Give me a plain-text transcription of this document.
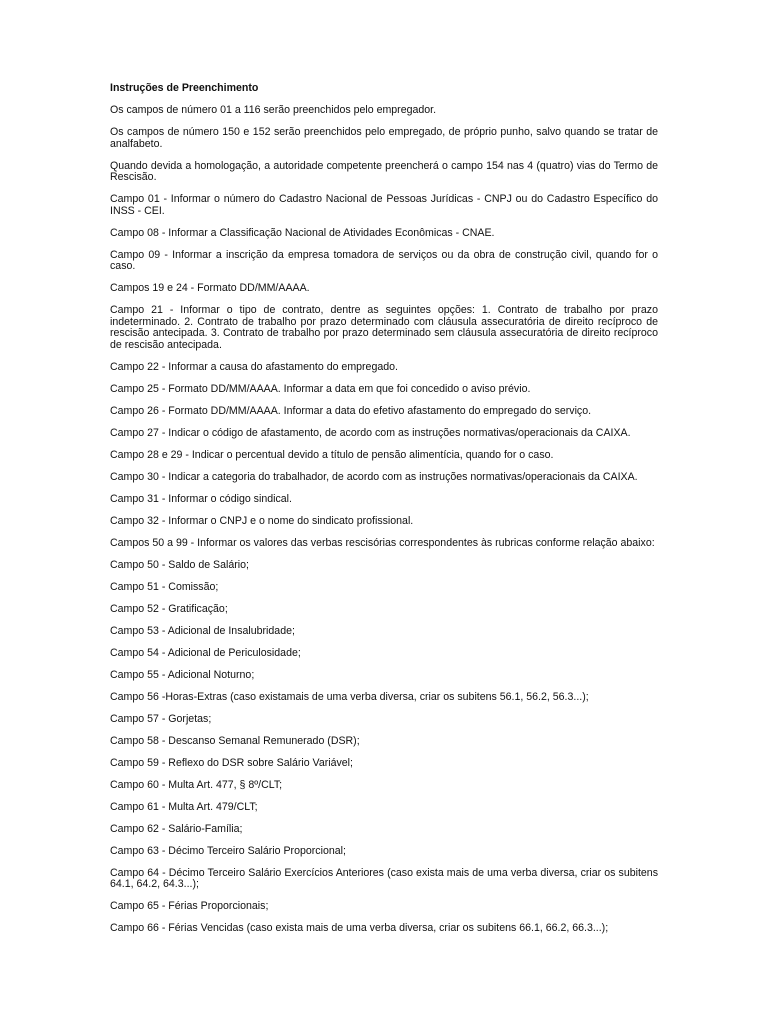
Instruções de Preenchimento
Os campos de número 01 a 116 serão preenchidos pelo empregador.
Os campos de número 150 e 152 serão preenchidos pelo empregado, de próprio punho, salvo quando se tratar de analfabeto.
Quando devida a homologação, a autoridade competente preencherá o campo 154 nas 4 (quatro) vias do Termo de Rescisão.
Campo 01 - Informar o número do Cadastro Nacional de Pessoas Jurídicas - CNPJ ou do Cadastro Específico do INSS - CEI.
Campo 08 - Informar a Classificação Nacional de Atividades Econômicas - CNAE.
Campo 09 - Informar a inscrição da empresa tomadora de serviços ou da obra de construção civil, quando for o caso.
Campos 19 e 24 - Formato DD/MM/AAAA.
Campo 21 - Informar o tipo de contrato, dentre as seguintes opções: 1. Contrato de trabalho por prazo indeterminado. 2. Contrato de trabalho por prazo determinado com cláusula assecuratória de direito recíproco de rescisão antecipada. 3. Contrato de trabalho por prazo determinado sem cláusula assecuratória de direito recíproco de rescisão antecipada.
Campo 22 - Informar a causa do afastamento do empregado.
Campo 25 - Formato DD/MM/AAAA. Informar a data em que foi concedido o aviso prévio.
Campo 26 - Formato DD/MM/AAAA. Informar a data do efetivo afastamento do empregado do serviço.
Campo 27 - Indicar o código de afastamento, de acordo com as instruções normativas/operacionais da CAIXA.
Campo 28 e 29 - Indicar o percentual devido a título de pensão alimentícia, quando for o caso.
Campo 30 - Indicar a categoria do trabalhador, de acordo com as instruções normativas/operacionais da CAIXA.
Campo 31 - Informar o código sindical.
Campo 32 - Informar o CNPJ e o nome do sindicato profissional.
Campos 50 a 99 - Informar os valores das verbas rescisórias correspondentes às rubricas conforme relação abaixo:
Campo 50 - Saldo de Salário;
Campo 51 - Comissão;
Campo 52 - Gratificação;
Campo 53 - Adicional de Insalubridade;
Campo 54 - Adicional de Periculosidade;
Campo 55 - Adicional Noturno;
Campo 56 -Horas-Extras (caso existamais de uma verba diversa, criar os subitens 56.1, 56.2, 56.3...);
Campo 57 - Gorjetas;
Campo 58 - Descanso Semanal Remunerado (DSR);
Campo 59 - Reflexo do DSR sobre Salário Variável;
Campo 60 - Multa Art. 477, § 8º/CLT;
Campo 61 - Multa Art. 479/CLT;
Campo 62 - Salário-Família;
Campo 63 - Décimo Terceiro Salário Proporcional;
Campo 64 - Décimo Terceiro Salário Exercícios Anteriores (caso exista mais de uma verba diversa, criar os subitens 64.1, 64.2, 64.3...);
Campo 65 - Férias Proporcionais;
Campo 66 - Férias Vencidas (caso exista mais de uma verba diversa, criar os subitens 66.1, 66.2, 66.3...);
